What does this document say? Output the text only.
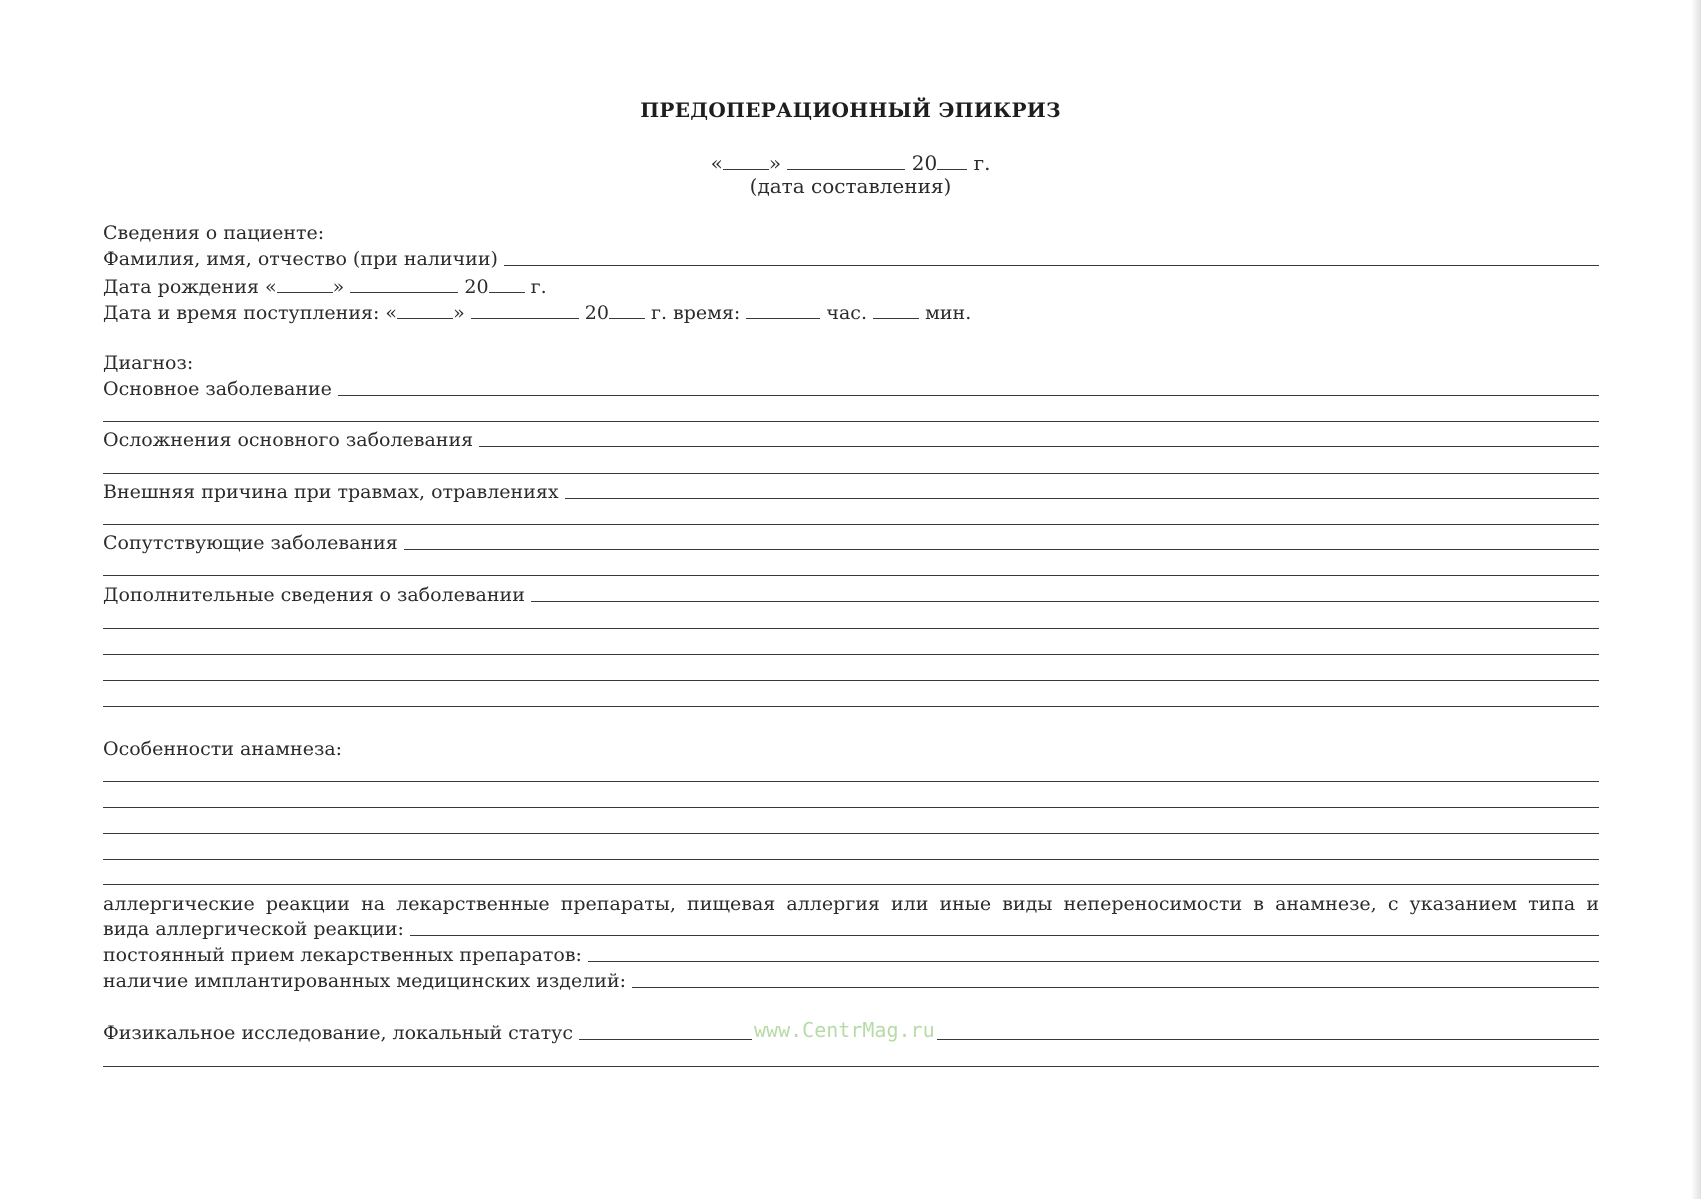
ПРЕДОПЕРАЦИОННЫЙ ЭПИКРИЗ
« »	20 г.
(дата составления)
Сведения о пациенте:
Фамилия, имя, отчество (при наличии)
Дата рождения «	»	20 г.
Дата и время поступления: «	»	20 г. время:	час.	мин.
Диагноз:
Основное заболевание
Осложнения основного заболевания
Внешняя причина при травмах, отравлениях
Сопутствующие заболевания
Дополнительные сведения о заболевании
Особенности анамнеза:
аллергические реакции на лекарственные препараты, пищевая аллергия или иные виды непереносимости в анамнезе, с указанием типа и
вида аллергической реакции:
постоянный прием лекарственных препаратов:
наличие имплантированных медицинских изделий:
Физикальное исследование, локальный статус	www.CentrMag.ru
